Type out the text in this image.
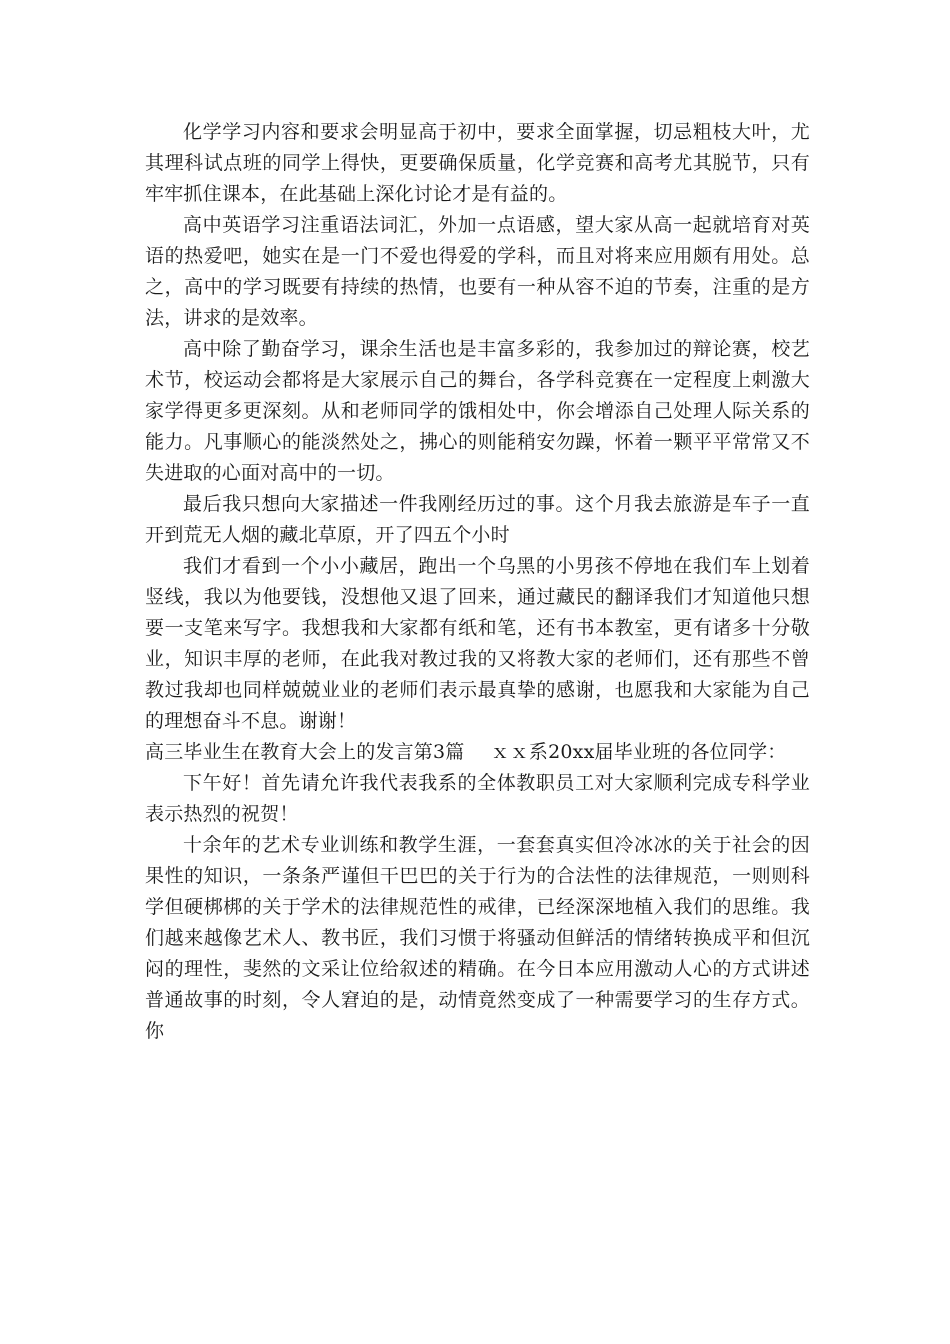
化学学习内容和要求会明显高于初中，要求全面掌握，切忌粗枝大叶，尤其理科试点班的同学上得快，更要确保质量，化学竞赛和高考尤其脱节，只有牢牢抓住课本，在此基础上深化讨论才是有益的。

高中英语学习注重语法词汇，外加一点语感，望大家从高一起就培育对英语的热爱吧，她实在是一门不爱也得爱的学科，而且对将来应用颇有用处。总之，高中的学习既要有持续的热情，也要有一种从容不迫的节奏，注重的是方法，讲求的是效率。

高中除了勤奋学习，课余生活也是丰富多彩的，我参加过的辩论赛，校艺术节，校运动会都将是大家展示自己的舞台，各学科竞赛在一定程度上刺激大家学得更多更深刻。从和老师同学的饿相处中，你会增添自己处理人际关系的能力。凡事顺心的能淡然处之，拂心的则能稍安勿躁，怀着一颗平平常常又不失进取的心面对高中的一切。

最后我只想向大家描述一件我刚经历过的事。这个月我去旅游是车子一直开到荒无人烟的藏北草原，开了四五个小时

我们才看到一个小小藏居，跑出一个乌黑的小男孩不停地在我们车上划着竖线，我以为他要钱，没想他又退了回来，通过藏民的翻译我们才知道他只想要一支笔来写字。我想我和大家都有纸和笔，还有书本教室，更有诸多十分敬业，知识丰厚的老师，在此我对教过我的又将教大家的老师们，还有那些不曾教过我却也同样兢兢业业的老师们表示最真挚的感谢，也愿我和大家能为自己的理想奋斗不息。谢谢！

高三毕业生在教育大会上的发言第3篇 ｘｘ系20xx届毕业班的各位同学：

下午好！首先请允许我代表我系的全体教职员工对大家顺利完成专科学业表示热烈的祝贺！

十余年的艺术专业训练和教学生涯，一套套真实但冷冰冰的关于社会的因果性的知识，一条条严谨但干巴巴的关于行为的合法性的法律规范，一则则科学但硬梆梆的关于学术的法律规范性的戒律，已经深深地植入我们的思维。我们越来越像艺术人、教书匠，我们习惯于将骚动但鲜活的情绪转换成平和但沉闷的理性，斐然的文采让位给叙述的精确。在今日本应用激动人心的方式讲述普通故事的时刻，令人窘迫的是，动情竟然变成了一种需要学习的生存方式。你
